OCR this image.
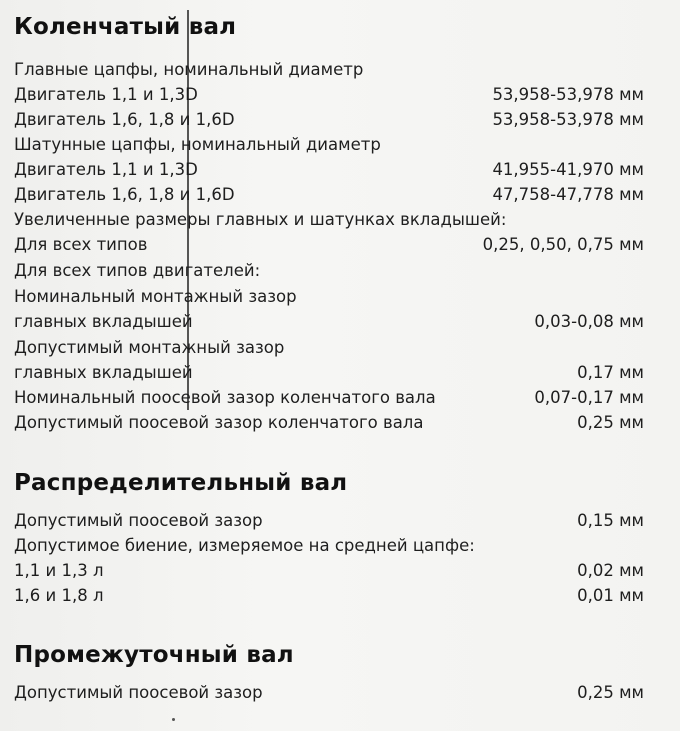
Коленчатый вал
Главные цапфы, номинальный диаметр
Двигатель 1,1 и 1,3D	53,958-53,978 мм
Двигатель 1,6, 1,8 и 1,6D	53,958-53,978 мм
Шатунные цапфы, номинальный диаметр
Двигатель 1,1 и 1,3D	41,955-41,970 мм
Двигатель 1,6, 1,8 и 1,6D	47,758-47,778 мм
Увеличенные размеры главных и шатунках вкладышей:
Для всех типов	0,25, 0,50, 0,75 мм
Для всех типов двигателей:
Номинальный монтажный зазор
главных вкладышей	0,03-0,08 мм
Допустимый монтажный зазор
главных вкладышей	0,17 мм
Номинальный поосевой зазор коленчатого вала	0,07-0,17 мм
Допустимый поосевой зазор коленчатого вала	0,25 мм
Распределительный вал
Допустимый поосевой зазор	0,15 мм
Допустимое биение, измеряемое на средней цапфе:
1,1 и 1,3 л	0,02 мм
1,6 и 1,8 л	0,01 мм
Промежуточный вал
Допустимый поосевой зазор	0,25 мм
